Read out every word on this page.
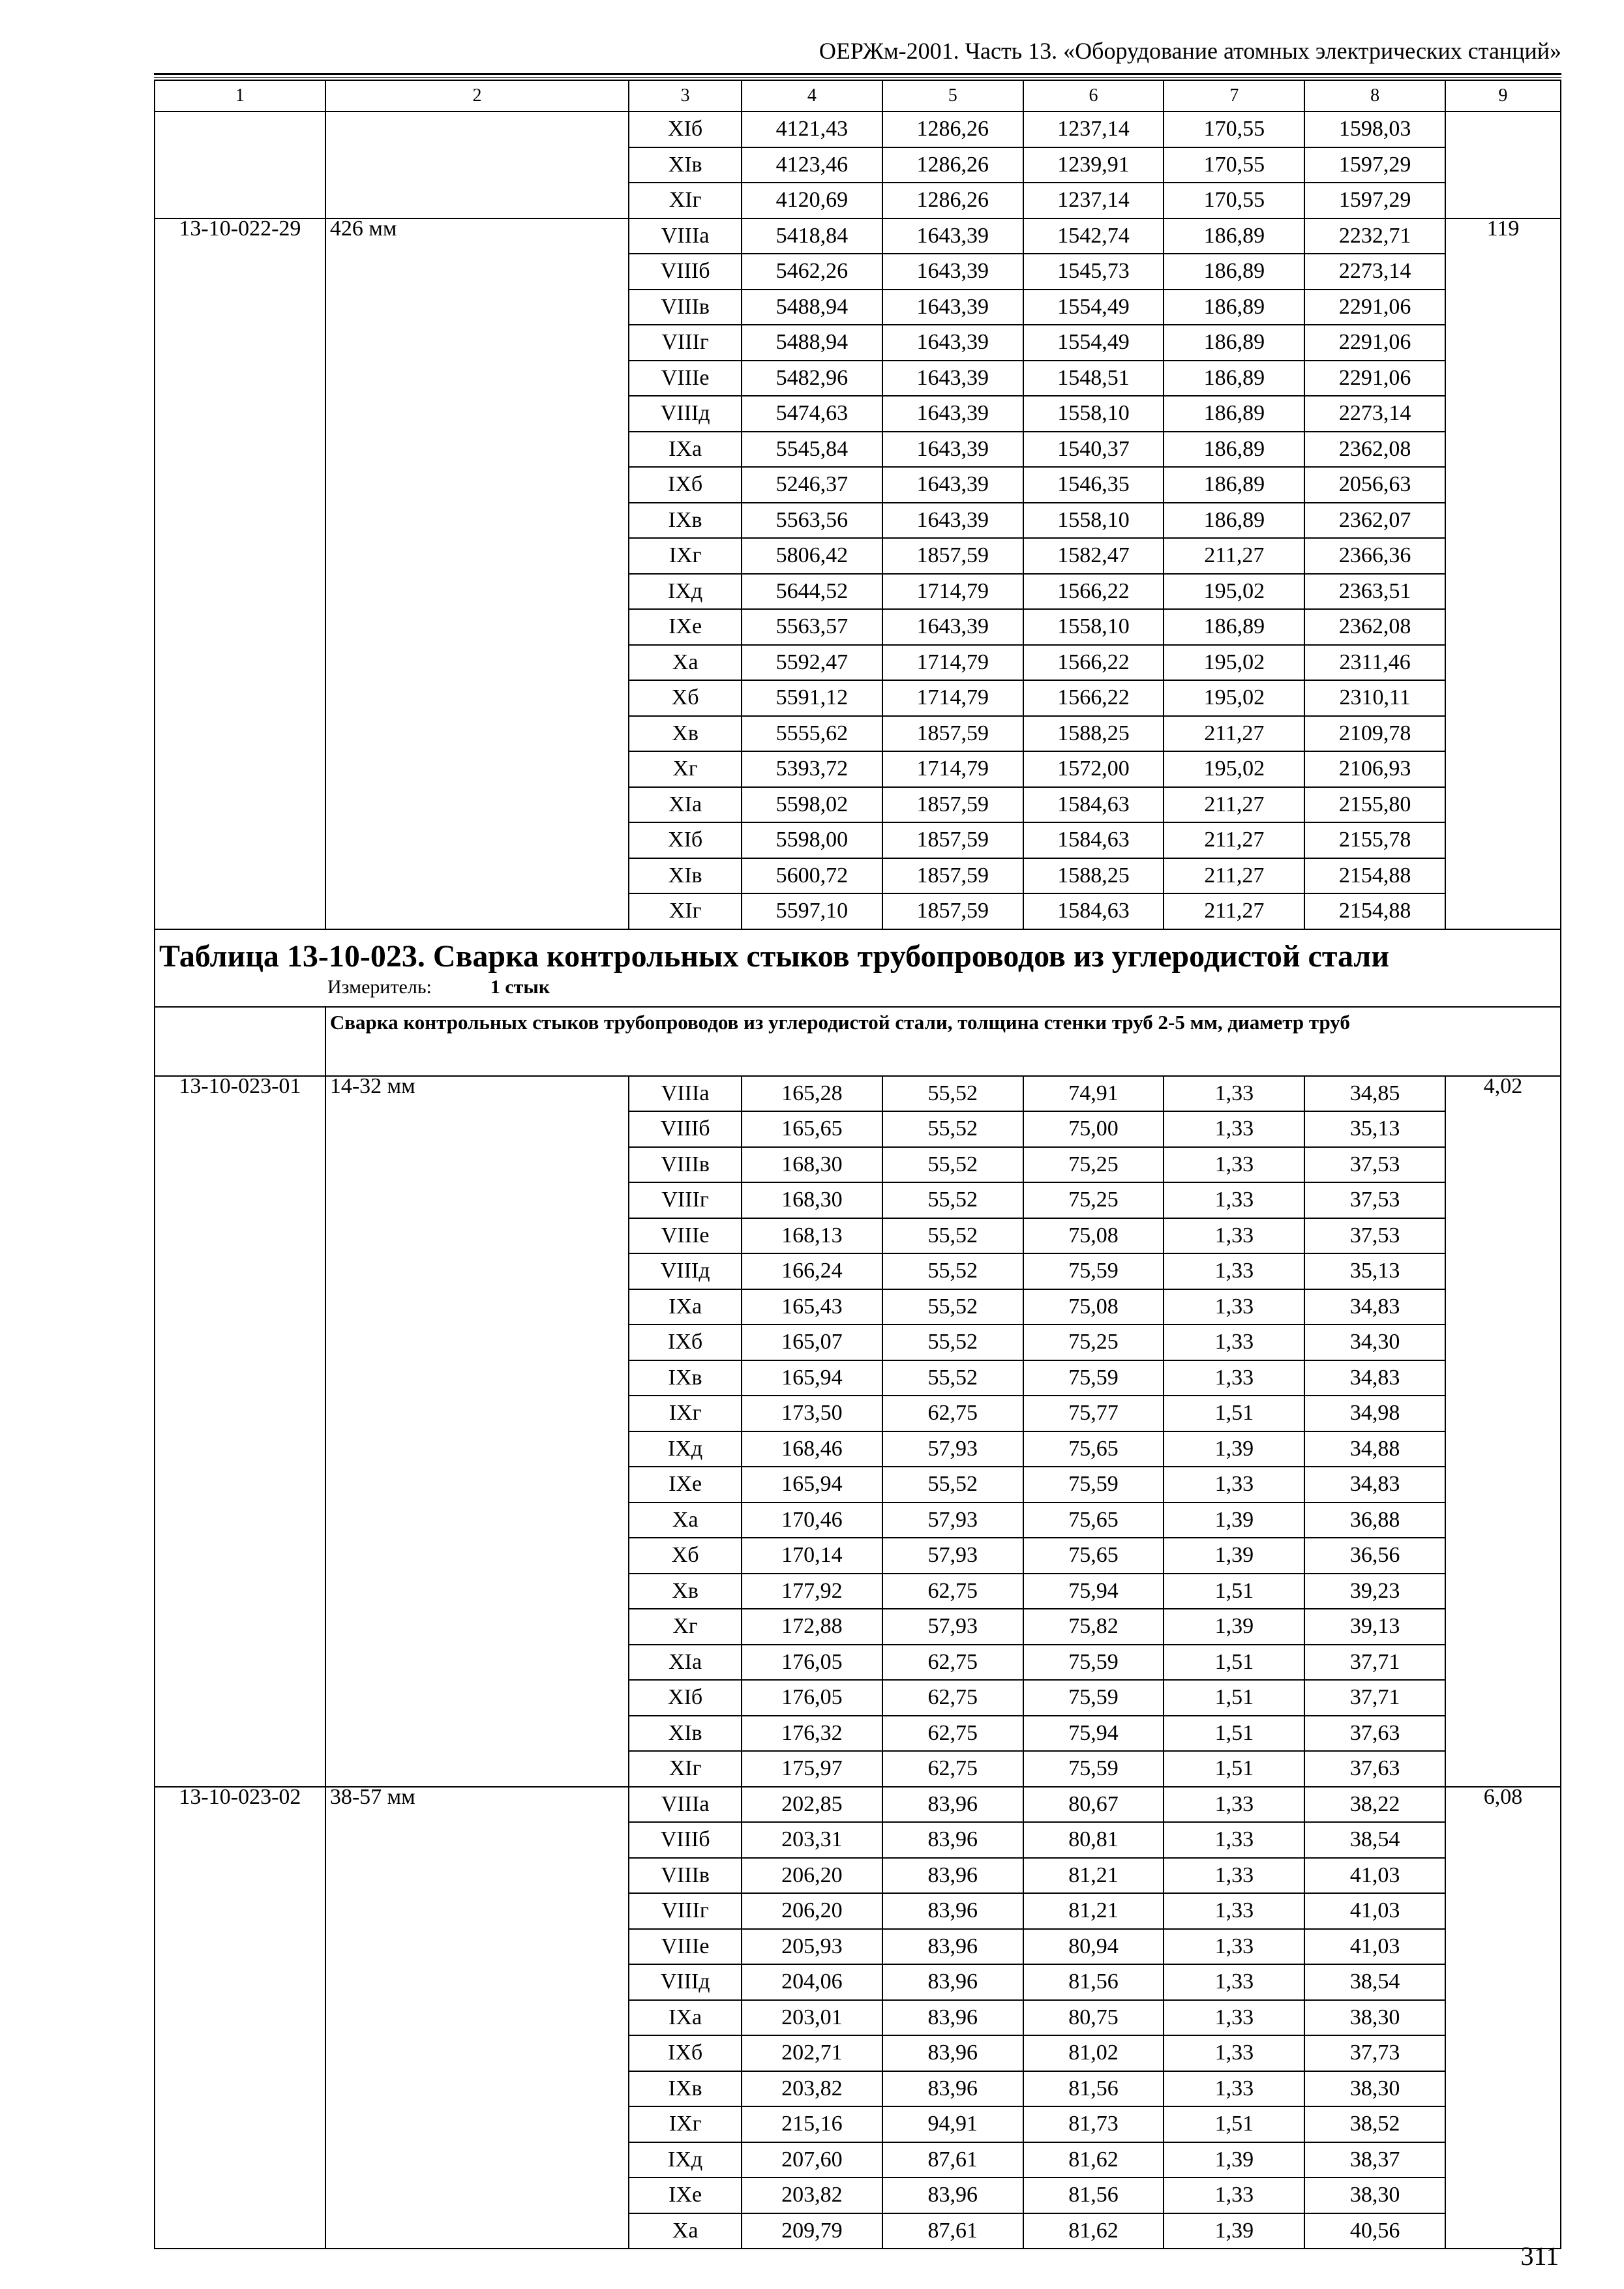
ОЕРЖм-2001. Часть 13. «Оборудование атомных электрических станций»
1	2	3	4	5	6	7	8	9
		XIб	4121,43	1286,26	1237,14	170,55	1598,03	
		XIв	4123,46	1286,26	1239,91	170,55	1597,29	
		XIг	4120,69	1286,26	1237,14	170,55	1597,29	
13-10-022-29	426 мм	VIIIа	5418,84	1643,39	1542,74	186,89	2232,71	119
		VIIIб	5462,26	1643,39	1545,73	186,89	2273,14	
		VIIIв	5488,94	1643,39	1554,49	186,89	2291,06	
		VIIIг	5488,94	1643,39	1554,49	186,89	2291,06	
		VIIIе	5482,96	1643,39	1548,51	186,89	2291,06	
		VIIIд	5474,63	1643,39	1558,10	186,89	2273,14	
		IXа	5545,84	1643,39	1540,37	186,89	2362,08	
		IXб	5246,37	1643,39	1546,35	186,89	2056,63	
		IXв	5563,56	1643,39	1558,10	186,89	2362,07	
		IXг	5806,42	1857,59	1582,47	211,27	2366,36	
		IXд	5644,52	1714,79	1566,22	195,02	2363,51	
		IXе	5563,57	1643,39	1558,10	186,89	2362,08	
		Xа	5592,47	1714,79	1566,22	195,02	2311,46	
		Xб	5591,12	1714,79	1566,22	195,02	2310,11	
		Xв	5555,62	1857,59	1588,25	211,27	2109,78	
		Xг	5393,72	1714,79	1572,00	195,02	2106,93	
		XIа	5598,02	1857,59	1584,63	211,27	2155,80	
		XIб	5598,00	1857,59	1584,63	211,27	2155,78	
		XIв	5600,72	1857,59	1588,25	211,27	2154,88	
		XIг	5597,10	1857,59	1584,63	211,27	2154,88	

Таблица 13-10-023. Сварка контрольных стыков трубопроводов из углеродистой стали
Измеритель: 1 стык								

	Сварка контрольных стыков трубопроводов из углеродистой стали, толщина стенки труб 2-5 мм, диаметр труб							
13-10-023-01	14-32 мм	VIIIа	165,28	55,52	74,91	1,33	34,85	4,02
		VIIIб	165,65	55,52	75,00	1,33	35,13	
		VIIIв	168,30	55,52	75,25	1,33	37,53	
		VIIIг	168,30	55,52	75,25	1,33	37,53	
		VIIIе	168,13	55,52	75,08	1,33	37,53	
		VIIIд	166,24	55,52	75,59	1,33	35,13	
		IXа	165,43	55,52	75,08	1,33	34,83	
		IXб	165,07	55,52	75,25	1,33	34,30	
		IXв	165,94	55,52	75,59	1,33	34,83	
		IXг	173,50	62,75	75,77	1,51	34,98	
		IXд	168,46	57,93	75,65	1,39	34,88	
		IXе	165,94	55,52	75,59	1,33	34,83	
		Xа	170,46	57,93	75,65	1,39	36,88	
		Xб	170,14	57,93	75,65	1,39	36,56	
		Xв	177,92	62,75	75,94	1,51	39,23	
		Xг	172,88	57,93	75,82	1,39	39,13	
		XIа	176,05	62,75	75,59	1,51	37,71	
		XIб	176,05	62,75	75,59	1,51	37,71	
		XIв	176,32	62,75	75,94	1,51	37,63	
		XIг	175,97	62,75	75,59	1,51	37,63	
13-10-023-02	38-57 мм	VIIIа	202,85	83,96	80,67	1,33	38,22	6,08
		VIIIб	203,31	83,96	80,81	1,33	38,54	
		VIIIв	206,20	83,96	81,21	1,33	41,03	
		VIIIг	206,20	83,96	81,21	1,33	41,03	
		VIIIе	205,93	83,96	80,94	1,33	41,03	
		VIIIд	204,06	83,96	81,56	1,33	38,54	
		IXа	203,01	83,96	80,75	1,33	38,30	
		IXб	202,71	83,96	81,02	1,33	37,73	
		IXв	203,82	83,96	81,56	1,33	38,30	
		IXг	215,16	94,91	81,73	1,51	38,52	
		IXд	207,60	87,61	81,62	1,39	38,37	
		IXе	203,82	83,96	81,56	1,33	38,30	
		Xа	209,79	87,61	81,62	1,39	40,56	
311
